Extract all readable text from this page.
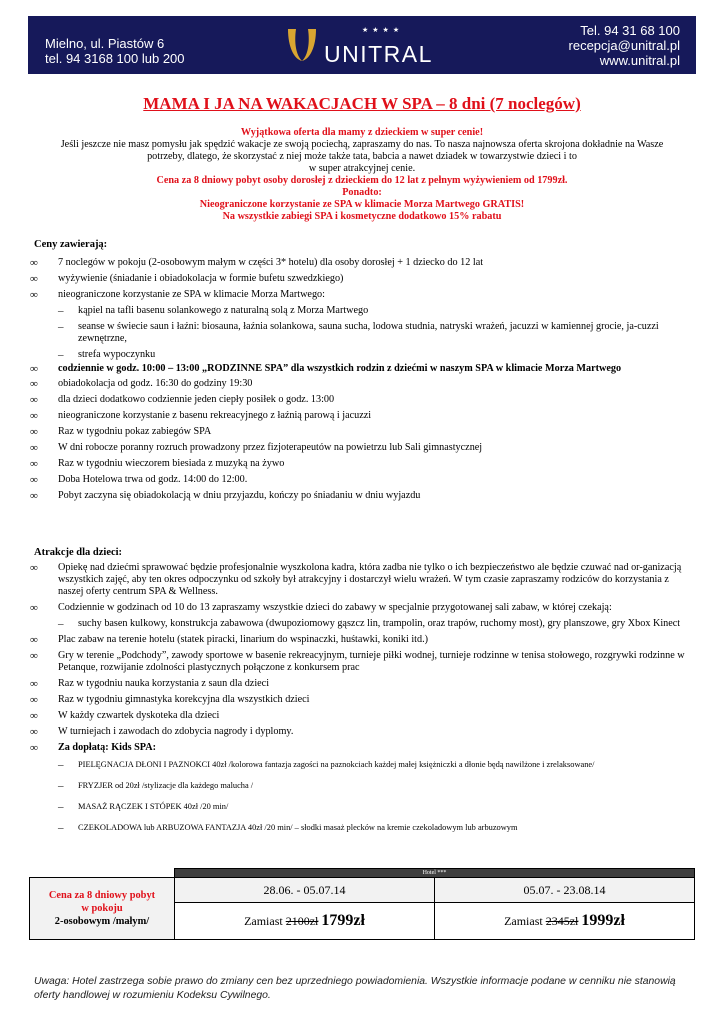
Mielno, ul. Piastów 6
tel. 94 3168 100 lub 200
★★★★
UNITRAL
Tel. 94 31 68 100
recepcja@unitral.pl
www.unitral.pl
MAMA I JA NA WAKACJACH W SPA – 8 dni (7 noclegów)
Wyjątkowa oferta dla mamy z dzieckiem w super cenie!
Jeśli jeszcze nie masz pomysłu jak spędzić wakacje ze swoją pociechą, zapraszamy do nas. To nasza najnowsza oferta skrojona dokładnie na Wasze
potrzeby, dlatego, że skorzystać z niej może także tata, babcia a nawet dziadek w towarzystwie dzieci i to
w super atrakcyjnej cenie.
Cena za 8 dniowy pobyt osoby dorosłej z dzieckiem do 12 lat z pełnym wyżywieniem od 1799zł.
Ponadto:
Nieograniczone korzystanie ze SPA w klimacie Morza Martwego GRATIS!
Na wszystkie zabiegi SPA i kosmetyczne dodatkowo 15% rabatu
Ceny zawierają:
∞	7 noclegów w pokoju (2-osobowym małym w części 3* hotelu) dla osoby dorosłej + 1 dziecko do 12 lat
∞	wyżywienie (śniadanie i obiadokolacja w formie bufetu szwedzkiego)
∞	nieograniczone korzystanie ze SPA w klimacie Morza Martwego:
–	kąpiel na tafli basenu solankowego z naturalną solą z Morza Martwego
–	seanse w świecie saun i łaźni: biosauna, łaźnia solankowa, sauna sucha, lodowa studnia, natryski wrażeń, jacuzzi w kamiennej grocie, ja-cuzzi zewnętrzne,
–	strefa wypoczynku
∞	codziennie w godz. 10:00 – 13:00 „RODZINNE SPA” dla wszystkich rodzin z dziećmi w naszym SPA w klimacie Morza Martwego
∞	obiadokolacja od godz. 16:30 do godziny 19:30
∞	dla dzieci dodatkowo codziennie jeden ciepły posiłek o godz. 13:00
∞	nieograniczone korzystanie z basenu rekreacyjnego z łaźnią parową i jacuzzi
∞	Raz w tygodniu pokaz zabiegów SPA
∞	W dni robocze poranny rozruch prowadzony przez fizjoterapeutów na powietrzu lub Sali gimnastycznej
∞	Raz w tygodniu wieczorem biesiada z muzyką na żywo
∞	Doba Hotelowa trwa od godz. 14:00 do 12:00.
∞	Pobyt zaczyna się obiadokolacją w dniu przyjazdu, kończy po śniadaniu w dniu wyjazdu
Atrakcje dla dzieci:
∞	Opiekę nad dziećmi sprawować będzie profesjonalnie wyszkolona kadra, która zadba nie tylko o ich bezpieczeństwo ale będzie czuwać nad or-ganizacją wszystkich zajęć, aby ten okres odpoczynku od szkoły był atrakcyjny i dostarczył wielu wrażeń. W tym czasie zapraszamy rodziców do korzystania z naszej oferty centrum SPA & Wellness.
∞	Codziennie w godzinach od 10 do 13 zapraszamy wszystkie dzieci do zabawy w specjalnie przygotowanej sali zabaw, w której czekają:
–	suchy basen kulkowy, konstrukcja zabawowa (dwupoziomowy gąszcz lin, trampolin, oraz trapów, ruchomy most), gry planszowe, gry Xbox Kinect
∞	Plac zabaw na terenie hotelu (statek piracki, linarium do wspinaczki, huśtawki, koniki itd.)
∞	Gry w terenie „Podchody”, zawody sportowe w basenie rekreacyjnym, turnieje piłki wodnej, turnieje rodzinne w tenisa stołowego, rozgrywki rodzinne w Petanque, rozwijanie zdolności plastycznych połączone z konkursem prac
∞	Raz w tygodniu nauka korzystania z saun dla dzieci
∞	Raz w tygodniu gimnastyka korekcyjna dla wszystkich dzieci
∞	W każdy czwartek dyskoteka dla dzieci
∞	W turniejach i zawodach do zdobycia nagrody i dyplomy.
∞	Za dopłatą: Kids SPA:
–	PIELĘGNACJA DŁONI I PAZNOKCI 40zł /kolorowa fantazja zagości na paznokciach każdej małej księżniczki a dłonie będą nawilżone i zrelaksowane/
–	FRYZJER od 20zł /stylizacje dla każdego malucha /
–	MASAŻ RĄCZEK I STÓPEK 40zł /20 min/
–	CZEKOLADOWA lub ARBUZOWA FANTAZJA 40zł /20 min/ – słodki masaż plecków na kremie czekoladowym lub arbuzowym
	Hotel ***	

Cena za 8 dniowy pobyt
w pokoju
2-osobowym /małym/	28.06. - 05.07.14	05.07. - 23.08.14
	Zamiast 2100zł 1799zł	Zamiast 2345zł 1999zł
Uwaga: Hotel zastrzega sobie prawo do zmiany cen bez uprzedniego powiadomienia. Wszystkie informacje podane w cenniku nie stanowią oferty handlowej w rozumieniu Kodeksu Cywilnego.
